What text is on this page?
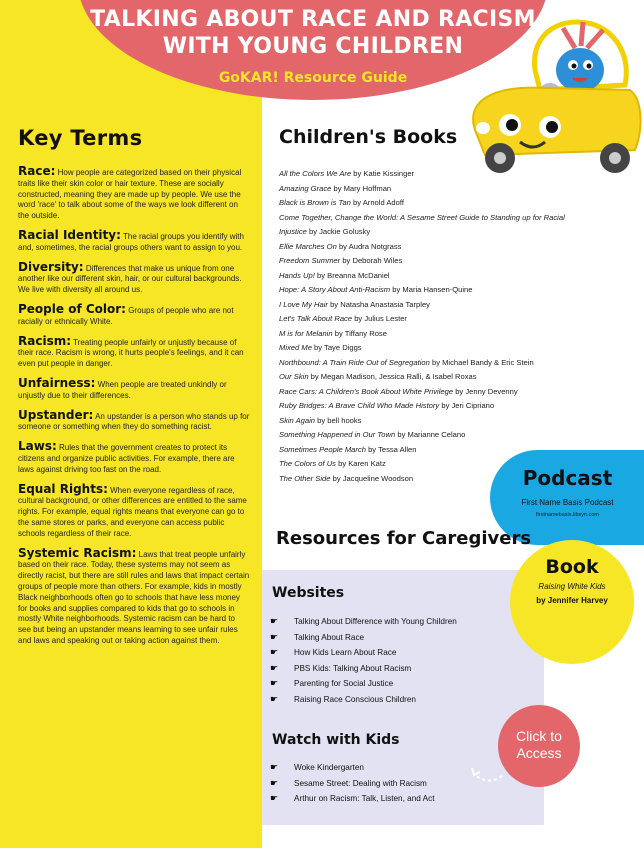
TALKING ABOUT RACE AND RACISM
WITH YOUNG CHILDREN
GoKAR! Resource Guide
Key Terms
Race: How people are categorized based on their physical traits like their skin color or hair texture. These are socially constructed, meaning they are made up by people. We use the word 'race' to talk about some of the ways we look different on the outside.
Racial Identity: The racial groups you identify with and, sometimes, the racial groups others want to assign to you.
Diversity: Differences that make us unique from one another like our different skin, hair, or our cultural backgrounds. We live with diversity all around us.
People of Color: Groups of people who are not racially or ethnically White.
Racism: Treating people unfairly or unjustly because of their race. Racism is wrong, it hurts people's feelings, and it can even put people in danger.
Unfairness: When people are treated unkindly or unjustly due to their differences.
Upstander: An upstander is a person who stands up for someone or something when they do something racist.
Laws: Rules that the government creates to protect its citizens and organize public activities. For example, there are laws against driving too fast on the road.
Equal Rights: When everyone regardless of race, cultural background, or other differences are entitled to the same rights. For example, equal rights means that everyone can go to the same stores or parks, and everyone can access public schools regardless of their race.
Systemic Racism: Laws that treat people unfairly based on their race. Today, these systems may not seem as directly racist, but there are still rules and laws that impact certain groups of people more than others. For example, kids in mostly Black neighborhoods often go to schools that have less money for books and supplies compared to kids that go to schools in mostly White neighborhoods. Systemic racism can be hard to see but being an upstander means learning to see unfair rules and laws and speaking out or taking action against them.
Children's Books
All the Colors We Are by Katie Kissinger
Amazing Grace by Mary Hoffman
Black is Brown is Tan by Arnold Adoff
Come Together, Change the World: A Sesame Street Guide to Standing up for Racial
Injustice by Jackie Golusky
Ellie Marches On by Audra Notgrass
Freedom Summer by Deborah Wiles
Hands Up! by Breanna McDaniel
Hope: A Story About Anti-Racism by Maria Hansen-Quine
I Love My Hair by Natasha Anastasia Tarpley
Let's Talk About Race by Julius Lester
M is for Melanin by Tiffany Rose
Mixed Me by Taye Diggs
Northbound: A Train Ride Out of Segregation by Michael Bandy & Eric Stein
Our Skin by Megan Madison, Jessica Ralli, & Isabel Roxas
Race Cars: A Children's Book About White Privilege by Jenny Devenny
Ruby Bridges: A Brave Child Who Made History by Jeri Cipriano
Skin Again by bell hooks
Something Happened in Our Town by Marianne Celano
Sometimes People March by Tessa Allen
The Colors of Us by Karen Katz
The Other Side by Jacqueline Woodson	Podcast
First Name Basis Podcast
firstnamebasis.libsyn.com
Resources for Caregivers
Book
Raising White Kids
by Jennifer Harvey
Websites
☛ Talking About Difference with Young Children
☛ Talking About Race
☛ How Kids Learn About Race
☛ PBS Kids: Talking About Racism
☛ Parenting for Social Justice
☛ Raising Race Conscious Children
Watch with Kids
☛ Woke Kindergarten
☛ Sesame Street: Dealing with Racism
☛ Arthur on Racism: Talk, Listen, and Act
Click to
Access
